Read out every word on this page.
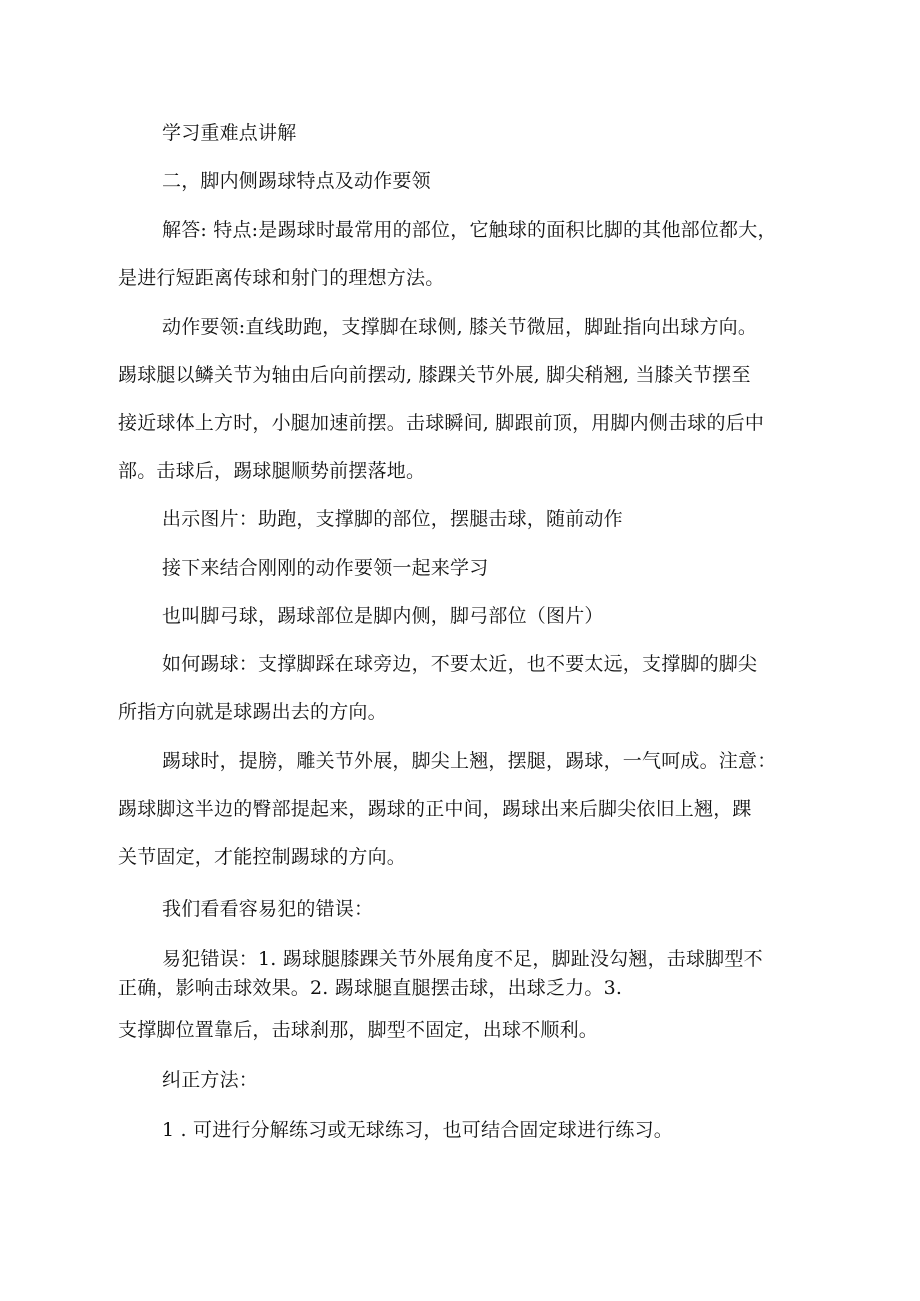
学习重难点讲解
二，脚内侧踢球特点及动作要领
解答: 特点:是踢球时最常用的部位，它触球的面积比脚的其他部位都大，
是进行短距离传球和射门的理想方法。
动作要领:直线助跑，支撑脚在球侧, 膝关节微屈，脚趾指向出球方向。
踢球腿以鳞关节为轴由后向前摆动, 膝踝关节外展, 脚尖稍翘, 当膝关节摆至
接近球体上方时，小腿加速前摆。击球瞬间, 脚跟前顶，用脚内侧击球的后中
部。击球后，踢球腿顺势前摆落地。
出示图片：助跑，支撑脚的部位，摆腿击球，随前动作
接下来结合刚刚的动作要领一起来学习
也叫脚弓球，踢球部位是脚内侧，脚弓部位（图片）
如何踢球：支撑脚踩在球旁边，不要太近，也不要太远，支撑脚的脚尖
所指方向就是球踢出去的方向。
踢球时，提膀，雕关节外展，脚尖上翘，摆腿，踢球，一气呵成。注意：
踢球脚这半边的臀部提起来，踢球的正中间，踢球出来后脚尖依旧上翘，踝
关节固定，才能控制踢球的方向。
我们看看容易犯的错误：
易犯错误：1. 踢球腿膝踝关节外展角度不足，脚趾没勾翘，击球脚型不
正确，影响击球效果。2. 踢球腿直腿摆击球，出球乏力。3.
支撑脚位置靠后，击球刹那，脚型不固定，出球不顺利。
纠正方法：
1 . 可进行分解练习或无球练习，也可结合固定球进行练习。
